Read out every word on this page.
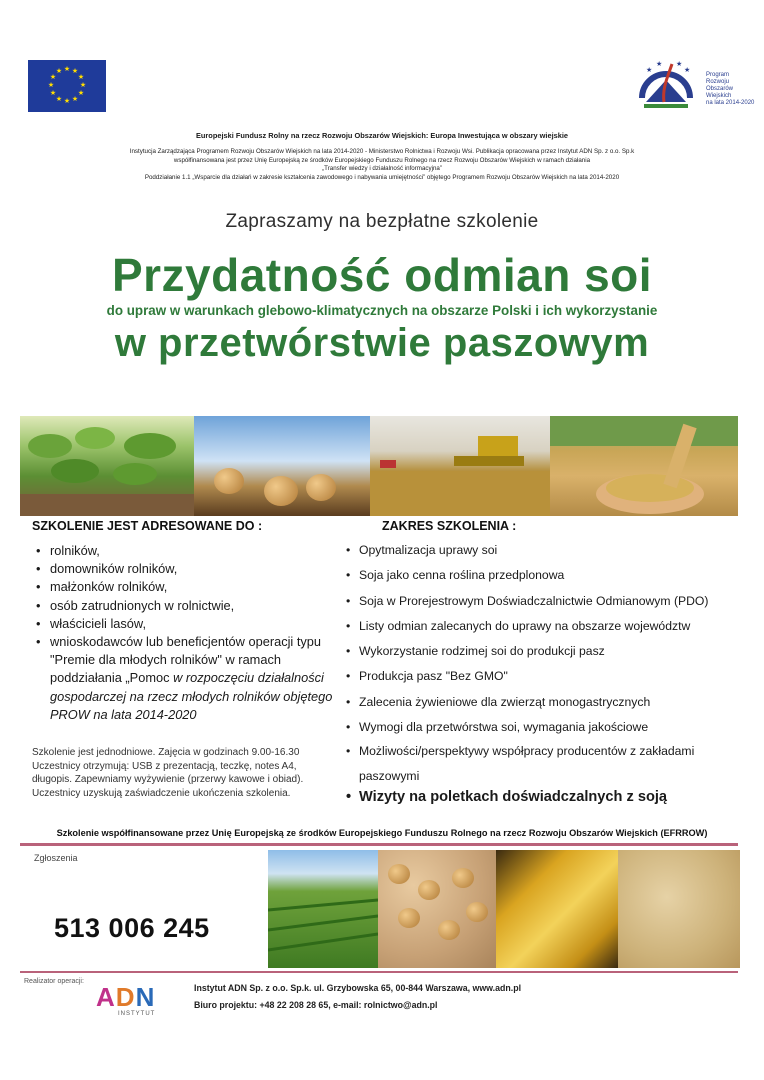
★ ★
★
★
★
★
★
★
★
★
★
★	★
★ ★
★
Program
Rozwoju
Obszarów
Wiejskich
na lata 2014-2020
Europejski Fundusz Rolny na rzecz Rozwoju Obszarów Wiejskich: Europa Inwestująca w obszary wiejskie
Instytucja Zarządzająca Programem Rozwoju Obszarów Wiejskich na lata 2014-2020 - Ministerstwo Rolnictwa i Rozwoju Wsi. Publikacja opracowana przez Instytut ADN Sp. z o.o. Sp.k
współfinansowana jest przez Unię Europejską ze środków Europejskiego Funduszu Rolnego na rzecz Rozwoju Obszarów Wiejskich w ramach działania
„Transfer wiedzy i działalność informacyjna”
Poddziałanie 1.1 „Wsparcie dla działań w zakresie kształcenia zawodowego i nabywania umiejętności” objętego Programem Rozwoju Obszarów Wiejskich na lata 2014-2020
Zapraszamy na bezpłatne szkolenie
Przydatność odmian soi
do upraw w warunkach glebowo-klimatycznych na obszarze Polski i ich wykorzystanie
w przetwórstwie paszowym
SZKOLENIE JEST ADRESOWANE DO :
• rolników,
• domowników rolników,
• małżonków rolników,
• osób zatrudnionych w rolnictwie,
• właścicieli lasów,
• wnioskodawców lub beneficjentów operacji typu "Premie dla młodych rolników" w ramach poddziałania „Pomoc w rozpoczęciu działalności gospodarczej na rzecz młodych rolników objętego PROW na lata 2014-2020
Szkolenie jest jednodniowe. Zajęcia w godzinach 9.00-16.30
Uczestnicy otrzymują: USB z prezentacją, teczkę, notes A4,
długopis. Zapewniamy wyżywienie (przerwy kawowe i obiad).
Uczestnicy uzyskują zaświadczenie ukończenia szkolenia.
ZAKRES SZKOLENIA :
• Opytmalizacja uprawy soi
• Soja jako cenna roślina przedplonowa
• Soja w Prorejestrowym Doświadczalnictwie Odmianowym (PDO)
• Listy odmian zalecanych do uprawy na obszarze województw
• Wykorzystanie rodzimej soi do produkcji pasz
• Produkcja pasz "Bez GMO"
• Zalecenia żywieniowe dla zwierząt monogastrycznych
• Wymogi dla przetwórstwa soi, wymagania jakościowe
• Możliwości/perspektywy współpracy producentów z zakładami paszowymi
• Wizyty na poletkach doświadczalnych z soją
Szkolenie współfinansowane przez Unię Europejską ze środków Europejskiego Funduszu Rolnego na rzecz Rozwoju Obszarów Wiejskich (EFRROW)
Zgłoszenia
513 006 245
Realizator operacji:
ADN
INSTYTUT
Instytut ADN Sp. z o.o. Sp.k. ul. Grzybowska 65, 00-844 Warszawa, www.adn.pl
Biuro projektu: +48 22 208 28 65, e-mail: rolnictwo@adn.pl
